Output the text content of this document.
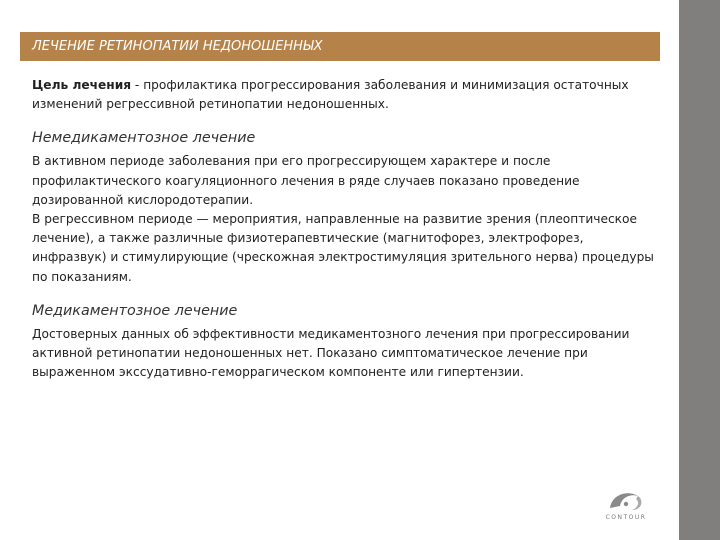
ЛЕЧЕНИЕ РЕТИНОПАТИИ НЕДОНОШЕННЫХ

Цель лечения - профилактика прогрессирования заболевания и минимизация остаточных изменений регрессивной ретинопатии недоношенных.

Немедикаментозное лечение

В активном периоде заболевания при его прогрессирующем характере и после профилактического коагуляционного лечения в ряде случаев показано проведение дозированной кислородотерапии.

В регрессивном периоде — мероприятия, направленные на развитие зрения (плеоптическое лечение), а также различные физиотерапевтические (магнитофорез, электрофорез, инфразвук) и стимулирующие (чрескожная электростимуляция зрительного нерва) процедуры по показаниям.

Медикаментозное лечение

Достоверных данных об эффективности медикаментозного лечения при прогрессировании активной ретинопатии недоношенных нет. Показано симптоматическое лечение при выраженном экссудативно-геморрагическом компоненте или гипертензии.

CONTOUR
